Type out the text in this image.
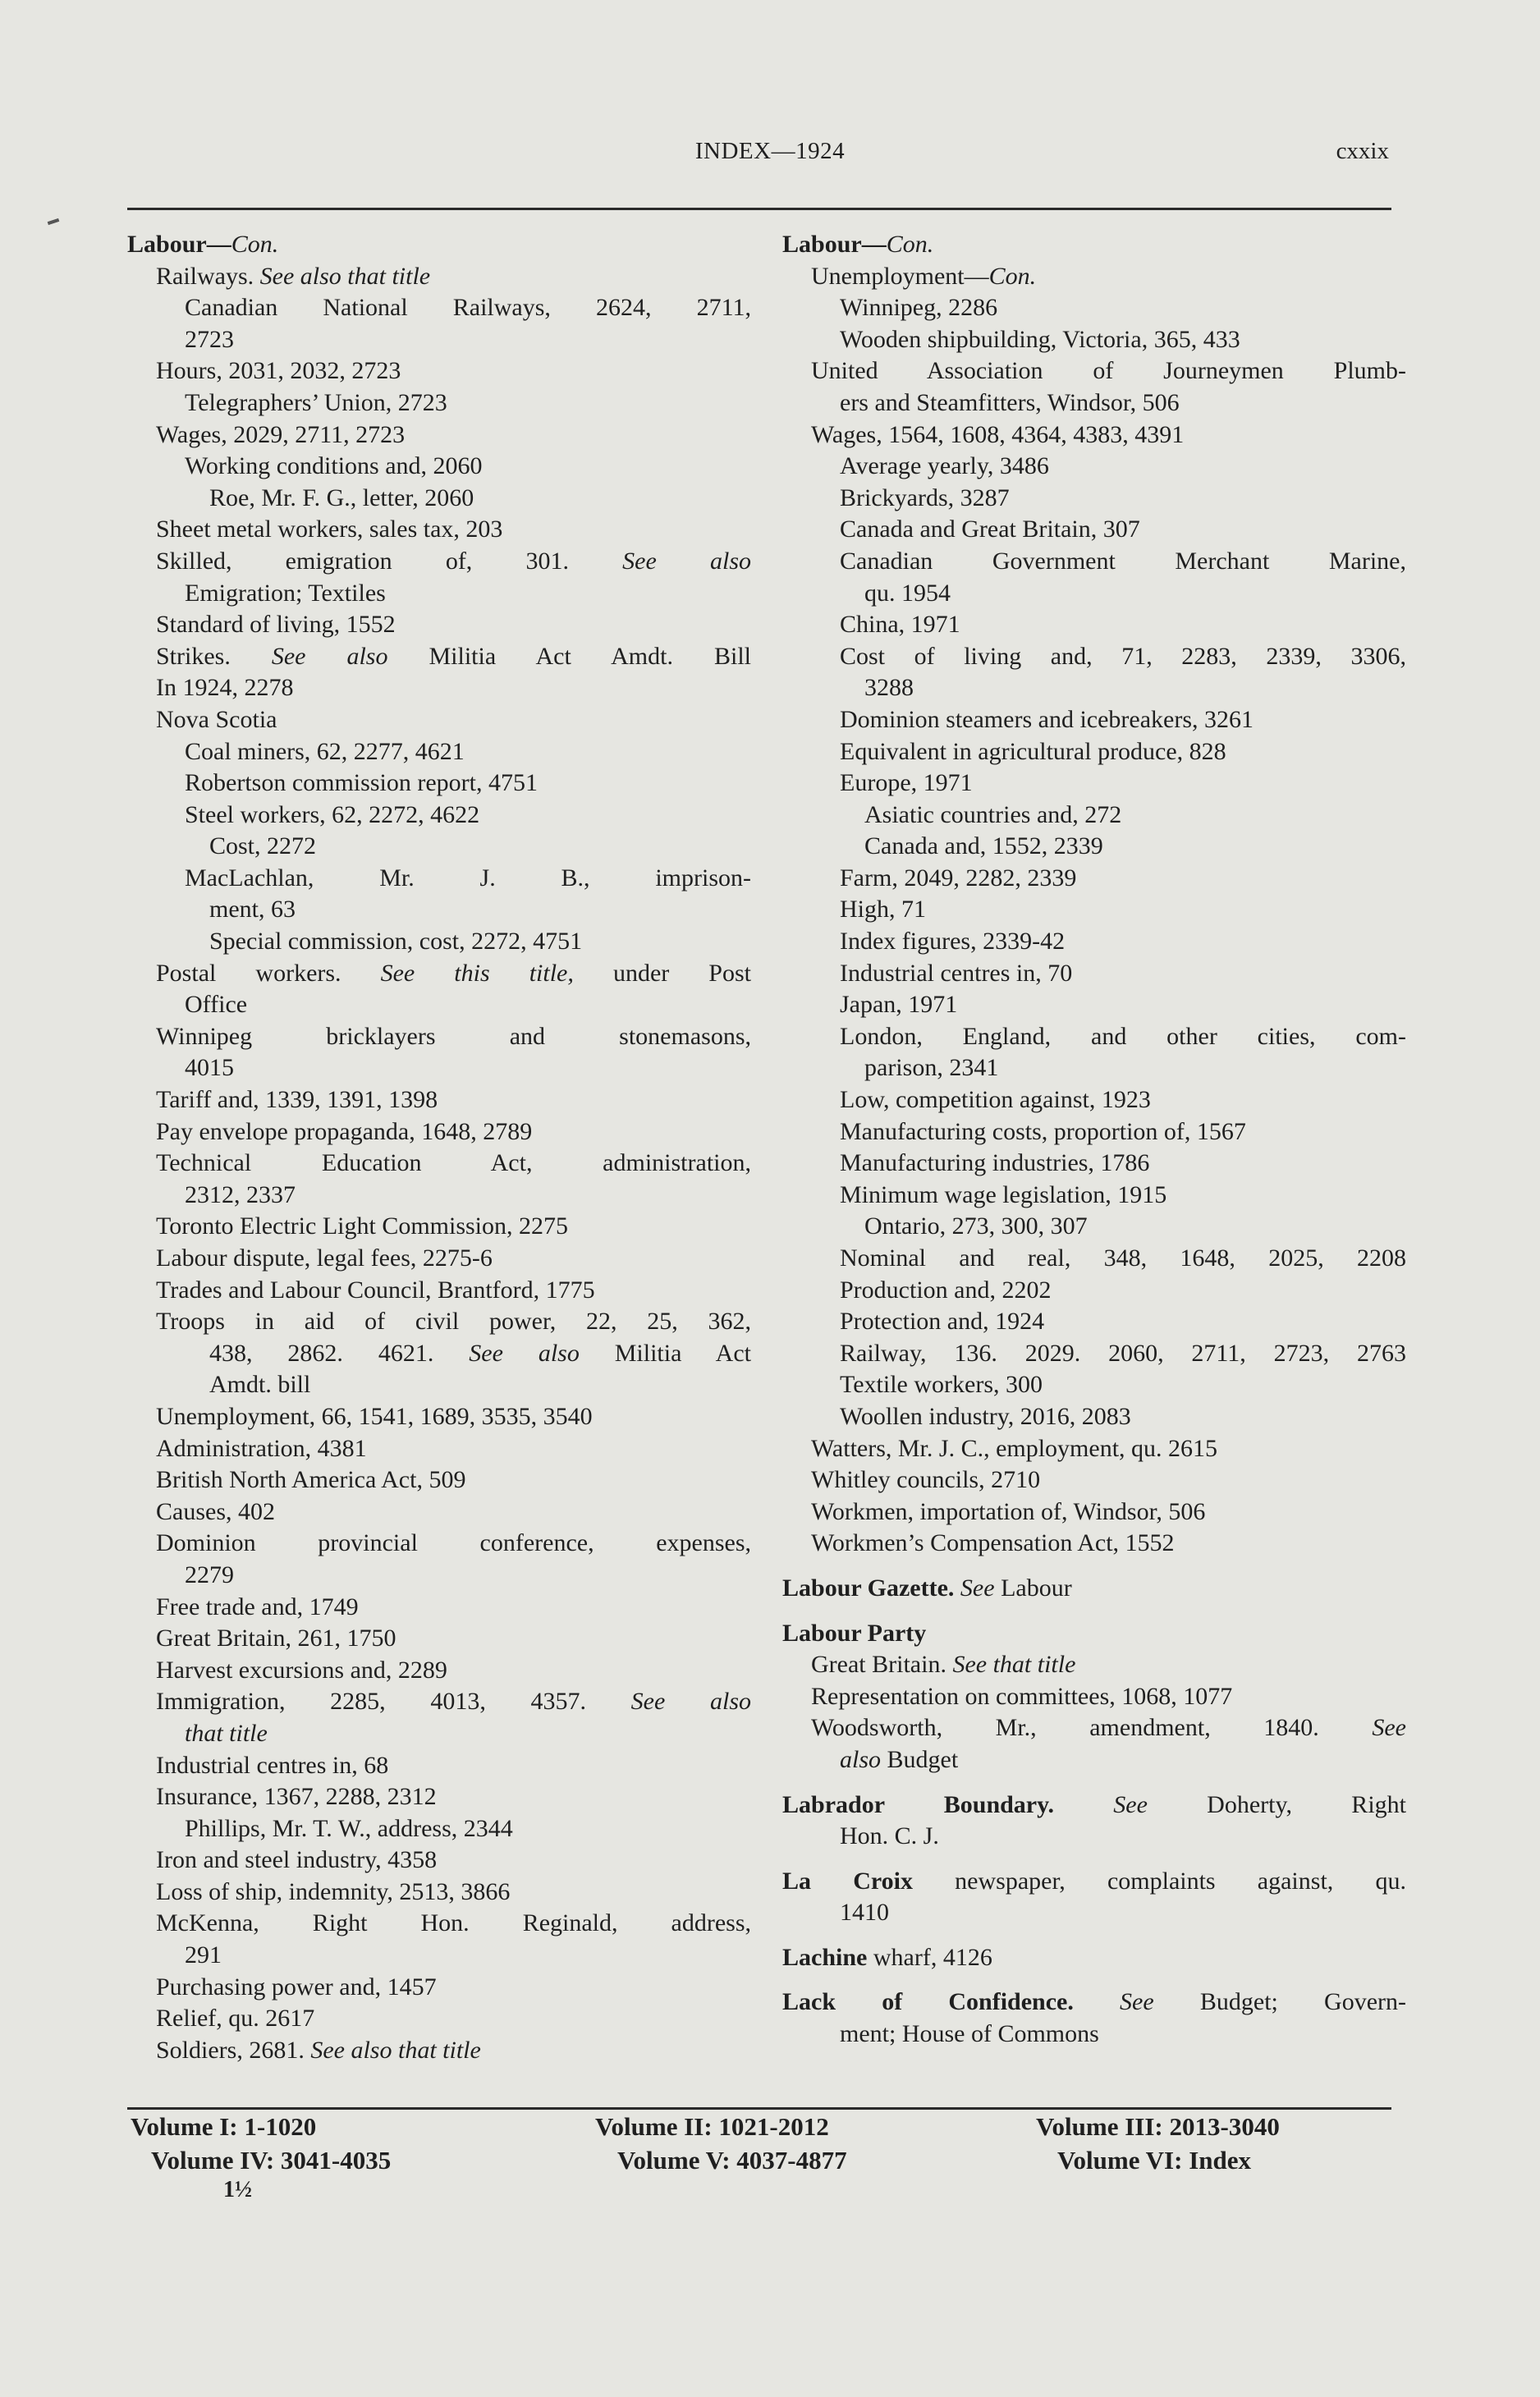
INDEX—1924	cxxix
Labour—Con.
Railways. See also that title
Canadian National Railways, 2624, 2711,
2723
Hours, 2031, 2032, 2723
Telegraphers’ Union, 2723
Wages, 2029, 2711, 2723
Working conditions and, 2060
Roe, Mr. F. G., letter, 2060
Sheet metal workers, sales tax, 203
Skilled, emigration of, 301. See also
Emigration; Textiles
Standard of living, 1552
Strikes. See also Militia Act Amdt. Bill
In 1924, 2278
Nova Scotia
Coal miners, 62, 2277, 4621
Robertson commission report, 4751
Steel workers, 62, 2272, 4622
Cost, 2272
MacLachlan, Mr. J. B., imprison-
ment, 63
Special commission, cost, 2272, 4751
Postal workers. See this title, under Post
Office
Winnipeg bricklayers and stonemasons,
4015
Tariff and, 1339, 1391, 1398
Pay envelope propaganda, 1648, 2789
Technical Education Act, administration,
2312, 2337
Toronto Electric Light Commission, 2275
Labour dispute, legal fees, 2275-6
Trades and Labour Council, Brantford, 1775
Troops in aid of civil power, 22, 25, 362,
438, 2862. 4621. See also Militia Act
Amdt. bill
Unemployment, 66, 1541, 1689, 3535, 3540
Administration, 4381
British North America Act, 509
Causes, 402
Dominion provincial conference, expenses,
2279
Free trade and, 1749
Great Britain, 261, 1750
Harvest excursions and, 2289
Immigration, 2285, 4013, 4357. See also
that title
Industrial centres in, 68
Insurance, 1367, 2288, 2312
Phillips, Mr. T. W., address, 2344
Iron and steel industry, 4358
Loss of ship, indemnity, 2513, 3866
McKenna, Right Hon. Reginald, address,
291
Purchasing power and, 1457
Relief, qu. 2617
Soldiers, 2681. See also that title
Labour—Con.
Unemployment—Con.
Winnipeg, 2286
Wooden shipbuilding, Victoria, 365, 433
United Association of Journeymen Plumb-
ers and Steamfitters, Windsor, 506
Wages, 1564, 1608, 4364, 4383, 4391
Average yearly, 3486
Brickyards, 3287
Canada and Great Britain, 307
Canadian Government Merchant Marine,
qu. 1954
China, 1971
Cost of living and, 71, 2283, 2339, 3306,
3288
Dominion steamers and icebreakers, 3261
Equivalent in agricultural produce, 828
Europe, 1971
Asiatic countries and, 272
Canada and, 1552, 2339
Farm, 2049, 2282, 2339
High, 71
Index figures, 2339-42
Industrial centres in, 70
Japan, 1971
London, England, and other cities, com-
parison, 2341
Low, competition against, 1923
Manufacturing costs, proportion of, 1567
Manufacturing industries, 1786
Minimum wage legislation, 1915
Ontario, 273, 300, 307
Nominal and real, 348, 1648, 2025, 2208
Production and, 2202
Protection and, 1924
Railway, 136. 2029. 2060, 2711, 2723, 2763
Textile workers, 300
Woollen industry, 2016, 2083
Watters, Mr. J. C., employment, qu. 2615
Whitley councils, 2710
Workmen, importation of, Windsor, 506
Workmen’s Compensation Act, 1552
Labour Gazette. See Labour
Labour Party
Great Britain. See that title
Representation on committees, 1068, 1077
Woodsworth, Mr., amendment, 1840. See
also Budget
Labrador Boundary. See Doherty, Right
Hon. C. J.
La Croix newspaper, complaints against, qu.
1410
Lachine wharf, 4126
Lack of Confidence. See Budget; Govern-
ment; House of Commons
Volume I: 1-1020
Volume IV: 3041-4035
Volume II: 1021-2012
Volume V: 4037-4877
Volume III: 2013-3040
Volume VI: Index
1½
